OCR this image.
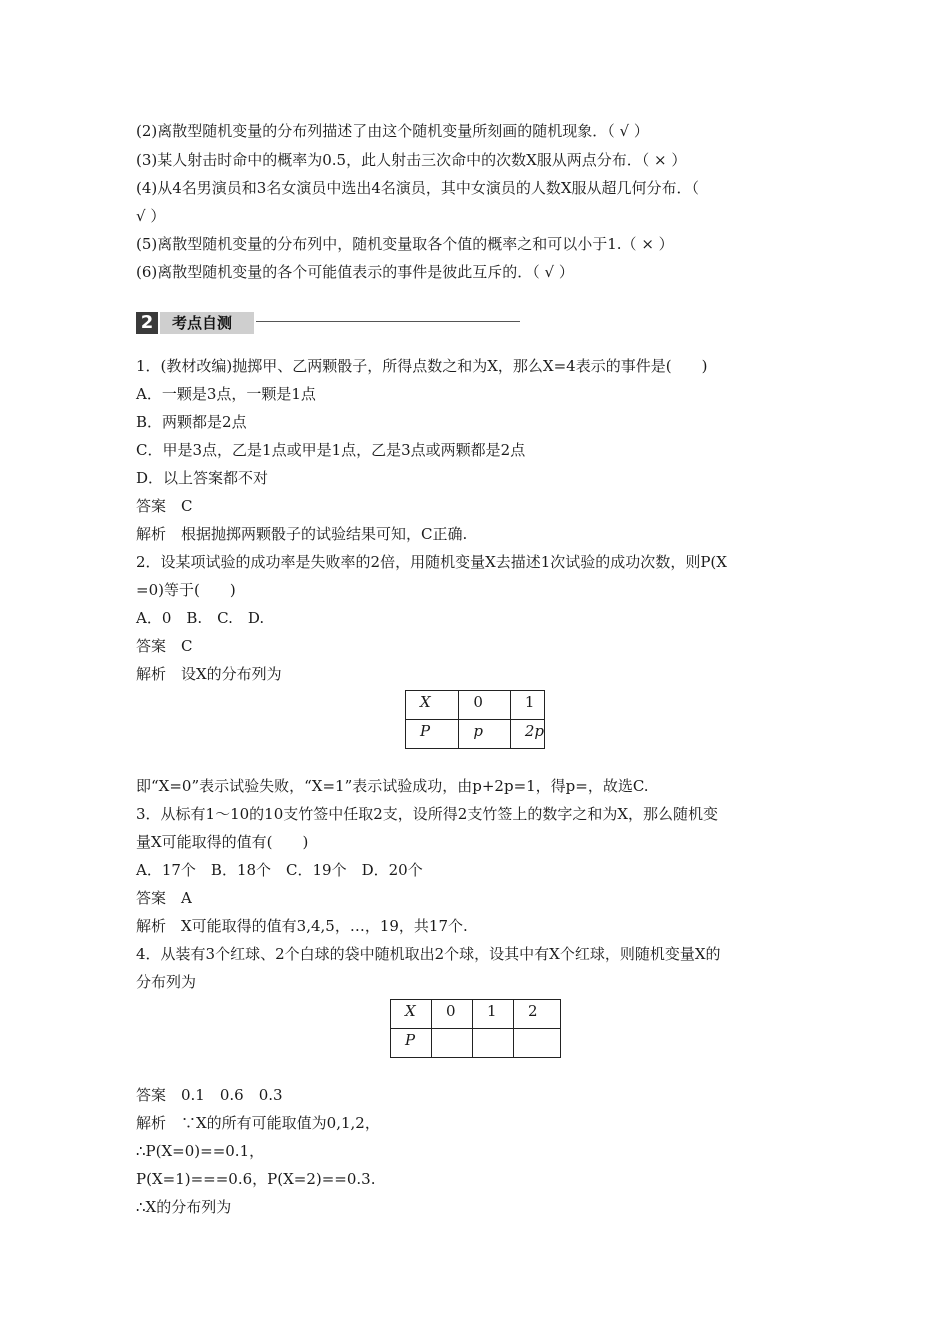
(2)离散型随机变量的分布列描述了由这个随机变量所刻画的随机现象．（ √ ）
(3)某人射击时命中的概率为0.5，此人射击三次命中的次数X服从两点分布．（ × ）
(4)从4名男演员和3名女演员中选出4名演员，其中女演员的人数X服从超几何分布．（
√ ）
(5)离散型随机变量的分布列中，随机变量取各个值的概率之和可以小于1.（ × ）
(6)离散型随机变量的各个可能值表示的事件是彼此互斥的．（ √ ）
2	考点自测
1．(教材改编)抛掷甲、乙两颗骰子，所得点数之和为X，那么X=4表示的事件是(　　)
A．一颗是3点，一颗是1点
B．两颗都是2点
C．甲是3点，乙是1点或甲是1点，乙是3点或两颗都是2点
D．以上答案都不对
答案　C
解析　根据抛掷两颗骰子的试验结果可知，C正确.
2．设某项试验的成功率是失败率的2倍，用随机变量X去描述1次试验的成功次数，则P(X
=0)等于(　　)
A．0　B.　C.　D.
答案　C
解析　设X的分布列为
X	0	1
P	p	2p
即“X=0”表示试验失败，“X=1”表示试验成功，由p+2p=1，得p=，故选C.
3．从标有1～10的10支竹签中任取2支，设所得2支竹签上的数字之和为X，那么随机变
量X可能取得的值有(　　)
A．17个　B．18个　C．19个　D．20个
答案　A
解析　X可能取得的值有3,4,5，…，19，共17个.
4．从装有3个红球、2个白球的袋中随机取出2个球，设其中有X个红球，则随机变量X的
分布列为
X	0	1	2
P			
答案　0.1　0.6　0.3
解析　∵X的所有可能取值为0,1,2，
∴P(X=0)==0.1，
P(X=1)===0.6，P(X=2)==0.3.
∴X的分布列为
